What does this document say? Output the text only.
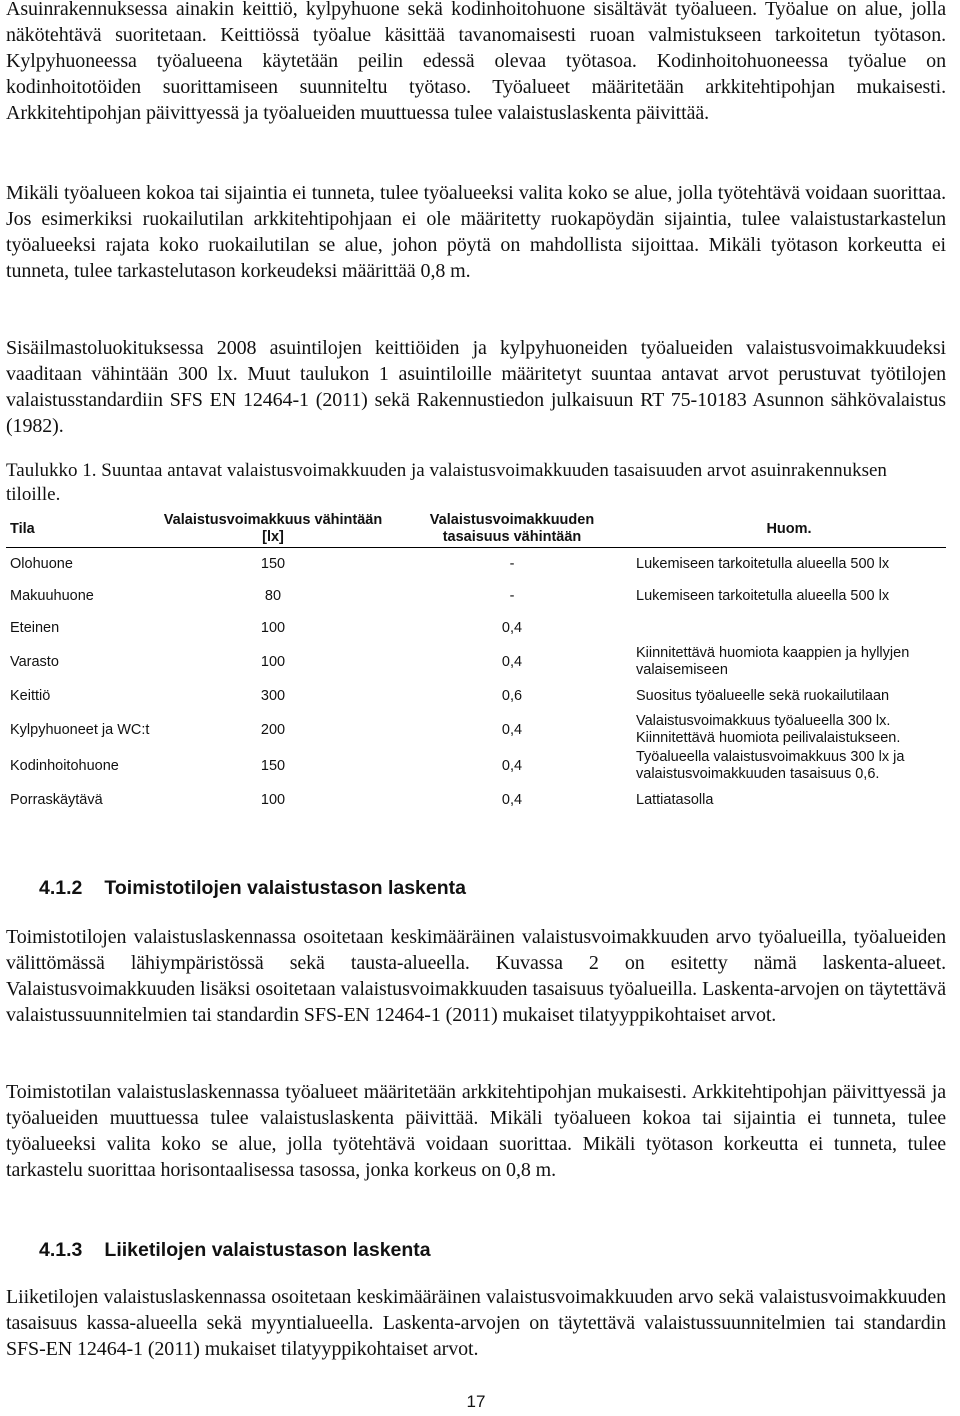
Asuinrakennuksessa ainakin keittiö, kylpyhuone sekä kodinhoitohuone sisältävät työalueen. Työalue on alue, jolla näkötehtävä suoritetaan. Keittiössä työalue käsittää tavanomaisesti ruoan valmistukseen tarkoitetun työtason. Kylpyhuoneessa työalueena käytetään peilin edessä olevaa työtasoa. Kodinhoitohuoneessa työalue on kodinhoitotöiden suorittamiseen suunniteltu työtaso. Työalueet määritetään arkkitehtipohjan mukaisesti. Arkkitehtipohjan päivittyessä ja työalueiden muuttuessa tulee valaistuslaskenta päivittää.

Mikäli työalueen kokoa tai sijaintia ei tunneta, tulee työalueeksi valita koko se alue, jolla työtehtävä voidaan suorittaa. Jos esimerkiksi ruokailutilan arkkitehtipohjaan ei ole määritetty ruokapöydän sijaintia, tulee valaistustarkastelun työalueeksi rajata koko ruokailutilan se alue, johon pöytä on mahdollista sijoittaa. Mikäli työtason korkeutta ei tunneta, tulee tarkastelutason korkeudeksi määrittää 0,8 m.

Sisäilmastoluokituksessa 2008 asuintilojen keittiöiden ja kylpyhuoneiden työalueiden valaistusvoimakkuudeksi vaaditaan vähintään 300 lx. Muut taulukon 1 asuintiloille määritetyt suuntaa antavat arvot perustuvat työtilojen valaistusstandardiin SFS EN 12464-1 (2011) sekä Rakennustiedon julkaisuun RT 75-10183 Asunnon sähkövalaistus (1982).

Taulukko 1. Suuntaa antavat valaistusvoimakkuuden ja valaistusvoimakkuuden tasaisuuden arvot asuinrakennuksen tiloille.

Tila	Valaistusvoimakkuus vähintään [lx]	Valaistusvoimakkuuden tasaisuus vähintään	Huom.
Olohuone	150	-	Lukemiseen tarkoitetulla alueella 500 lx
Makuuhuone	80	-	Lukemiseen tarkoitetulla alueella 500 lx
Eteinen	100	0,4	
Varasto	100	0,4	Kiinnitettävä huomiota kaappien ja hyllyjen valaisemiseen
Keittiö	300	0,6	Suositus työalueelle sekä ruokailutilaan
Kylpyhuoneet ja WC:t	200	0,4	Valaistusvoimakkuus työalueella 300 lx. Kiinnitettävä huomiota peilivalaistukseen.
Kodinhoitohuone	150	0,4	Työalueella valaistusvoimakkuus 300 lx ja valaistusvoimakkuuden tasaisuus 0,6.
Porraskäytävä	100	0,4	Lattiatasolla
4.1.2 Toimistotilojen valaistustason laskenta

Toimistotilojen valaistuslaskennassa osoitetaan keskimääräinen valaistusvoimakkuuden arvo työalueilla, työalueiden välittömässä lähiympäristössä sekä tausta-alueella. Kuvassa 2 on esitetty nämä laskenta-alueet. Valaistusvoimakkuuden lisäksi osoitetaan valaistusvoimakkuuden tasaisuus työalueilla. Laskenta-arvojen on täytettävä valaistussuunnitelmien tai standardin SFS-EN 12464-1 (2011) mukaiset tilatyyppikohtaiset arvot.

Toimistotilan valaistuslaskennassa työalueet määritetään arkkitehtipohjan mukaisesti. Arkkitehtipohjan päivittyessä ja työalueiden muuttuessa tulee valaistuslaskenta päivittää. Mikäli työalueen kokoa tai sijaintia ei tunneta, tulee työalueeksi valita koko se alue, jolla työtehtävä voidaan suorittaa. Mikäli työtason korkeutta ei tunneta, tulee tarkastelu suorittaa horisontaalisessa tasossa, jonka korkeus on 0,8 m.

4.1.3 Liiketilojen valaistustason laskenta

Liiketilojen valaistuslaskennassa osoitetaan keskimääräinen valaistusvoimakkuuden arvo sekä valaistusvoimakkuuden tasaisuus kassa-alueella sekä myyntialueella. Laskenta-arvojen on täytettävä valaistussuunnitelmien tai standardin SFS-EN 12464-1 (2011) mukaiset tilatyyppikohtaiset arvot.

17
